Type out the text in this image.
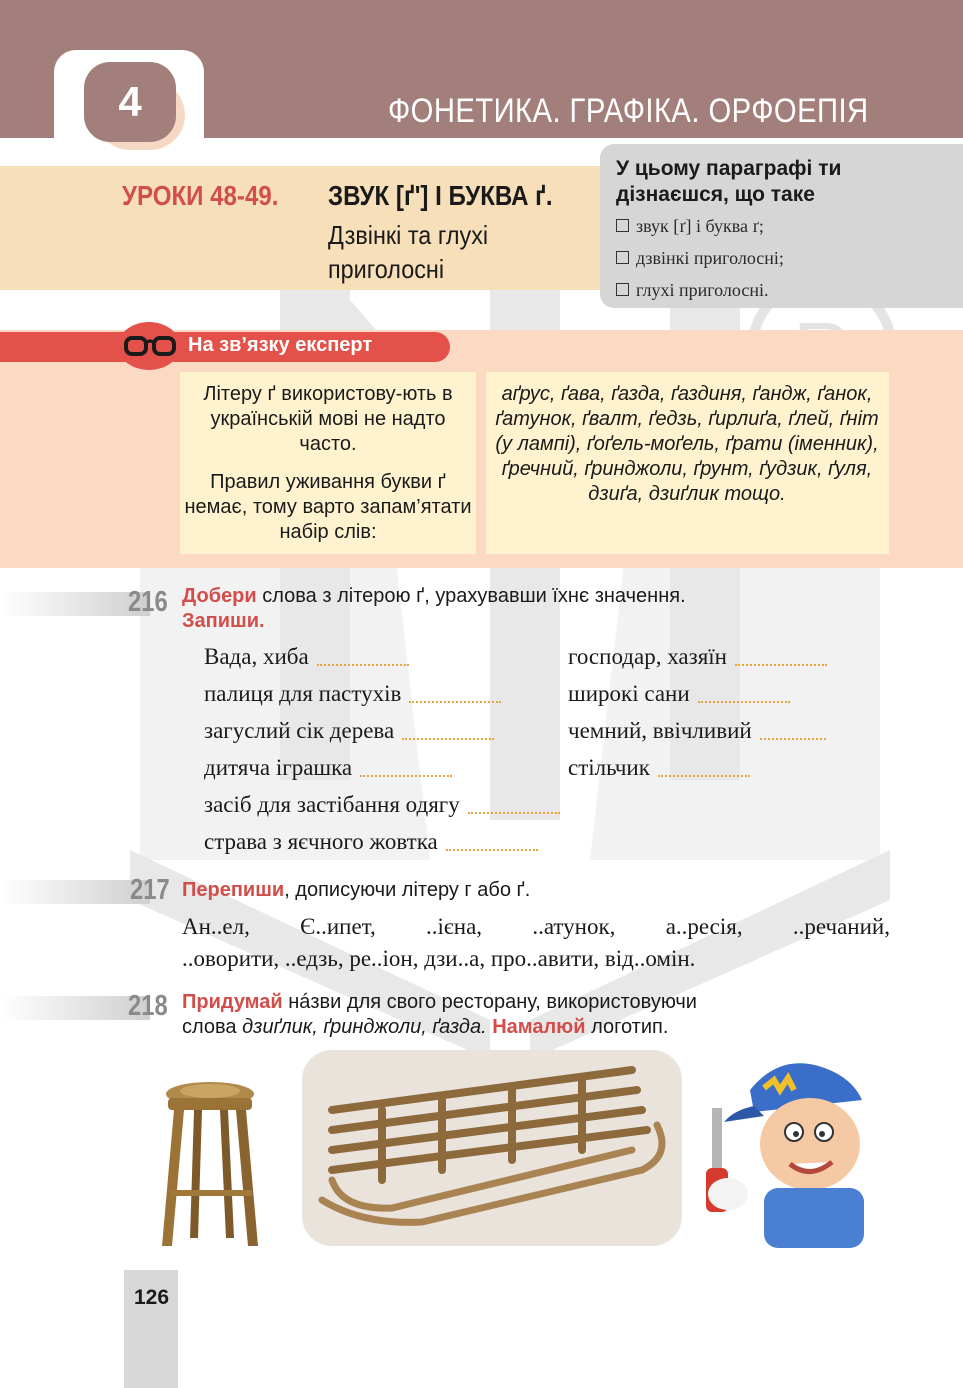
4	ФОНЕТИКА. ГРАФІКА. ОРФОЕПІЯ
УРОКИ 48-49. ЗВУК [ґ'] І БУКВА ґ.
Дзвінкі та глухі приголосні
У цьому параграфі ти дізнаєшся, що таке
звук [ґ] і буква ґ;
дзвінкі приголосні;
глухі приголосні.
На зв’язку експерт
Літеру ґ використову-ють в українській мові не надто часто.
Правил уживання букви ґ немає, тому варто запам’ятати набір слів:
аґрус, ґава, ґазда, ґаздиня, ґандж, ґанок, ґатунок, ґвалт, ґедзь, ґирлиґа, ґлей, ґніт (у лампі), ґоґель-моґель, ґрати (іменник), ґречний, ґринджоли, ґрунт, ґудзик, ґуля, дзиґа, дзиґлик тощо.
216 Добери слова з літерою ґ, урахувавши їхнє значення.
Запиши.
Вада, хиба
палиця для пастухів
загуслий сік дерева
дитяча іграшка
засіб для застібання одягу
страва з яєчного жовтка
господар, хазяїн
широкі сани
чемний, ввічливий
стільчик
217 Перепиши, дописуючи літеру г або ґ.
Ан..ел, Є..ипет, ..ієна, ..атунок, а..ресія, ..речаний,
..оворити, ..едзь, ре..іон, дзи..а, про..авити, від..омін.
218 Придумай нáзви для свого ресторану, використовуючи
слова дзиґлик, ґринджоли, ґазда. Намалюй логотип.
126
